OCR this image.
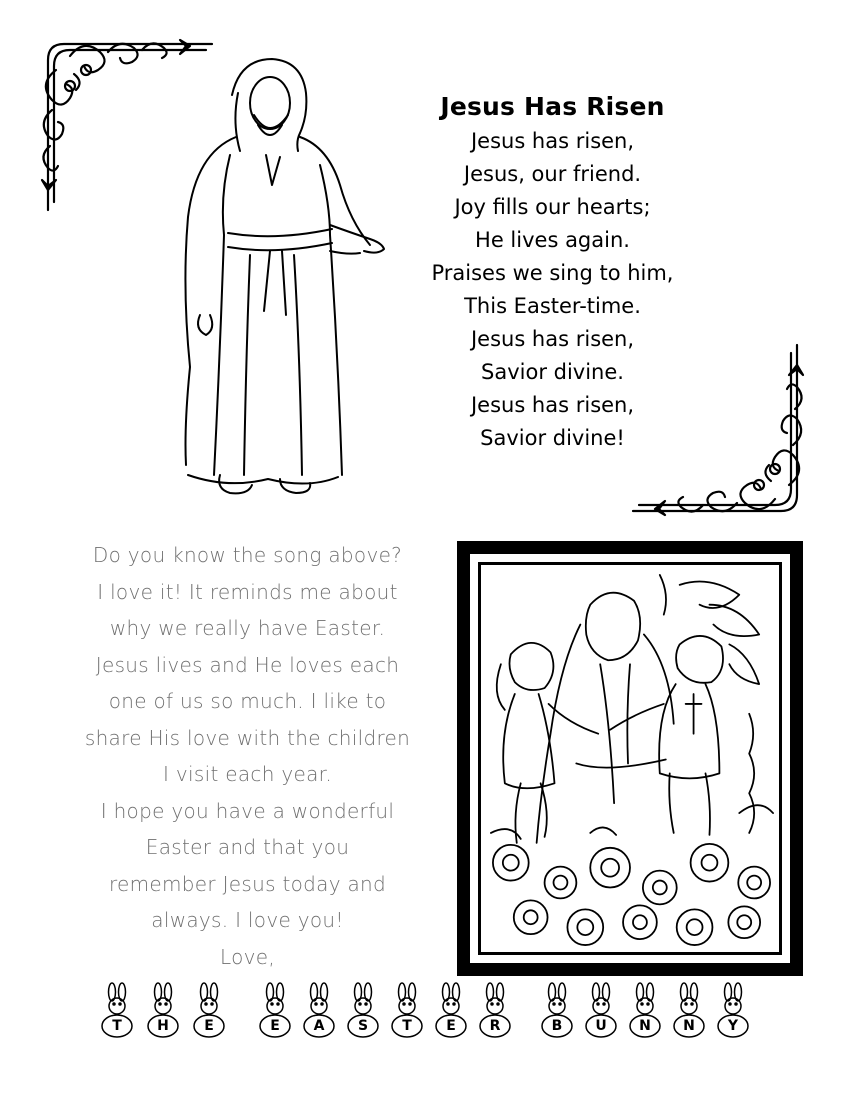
Jesus Has Risen

Jesus has risen,

Jesus, our friend.

Joy fills our hearts;

He lives again.

Praises we sing to him,

This Easter-time.

Jesus has risen,

Savior divine.

Jesus has risen,

Savior divine!

Do you know the song above?

I love it! It reminds me about

why we really have Easter.

Jesus lives and He loves each

one of us so much. I like to

share His love with the children

I visit each year.

I hope you have a wonderful

Easter and that you

remember Jesus today and

always. I love you!

Love,

T	H	E	E	A	S	T	E	R	B	U	N	N	Y
